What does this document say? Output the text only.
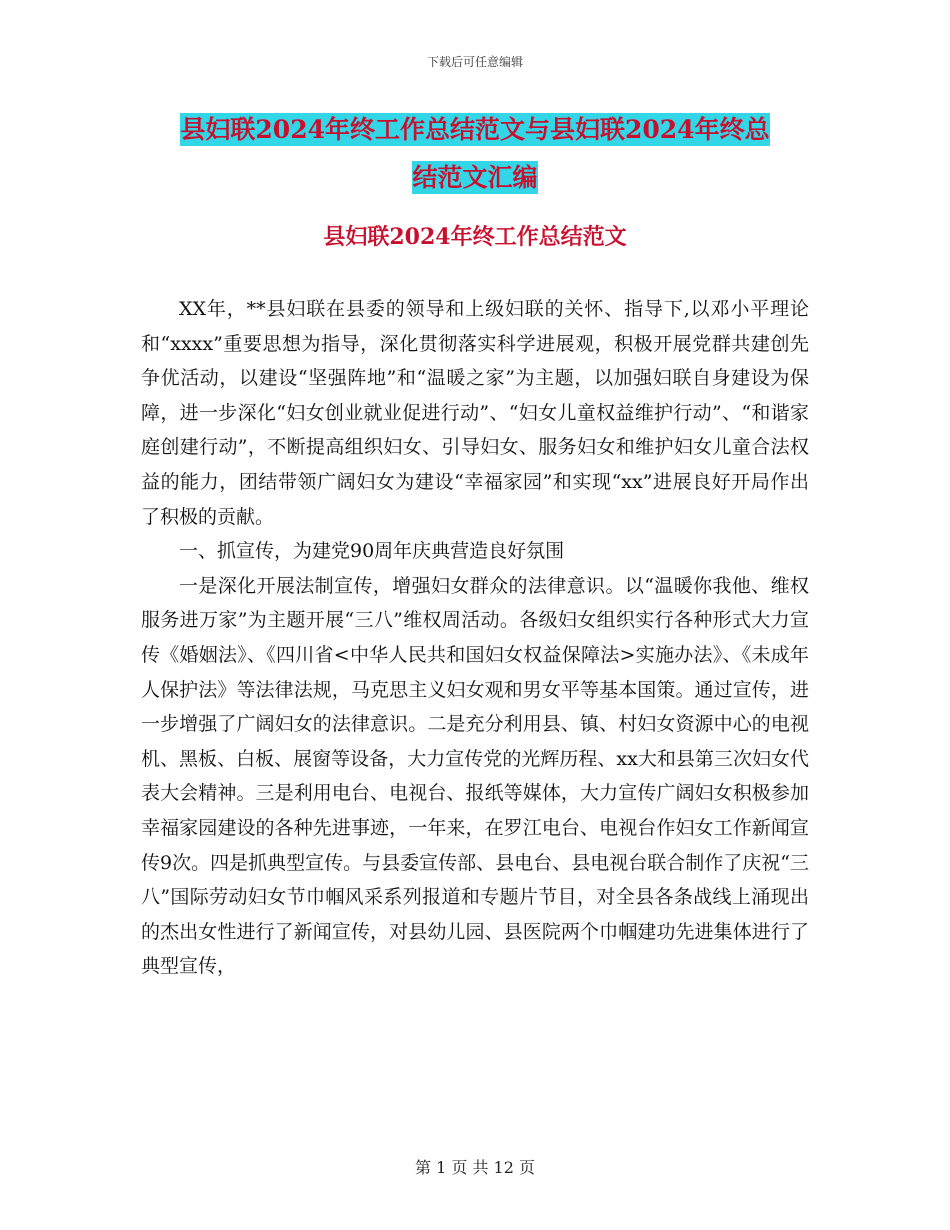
下载后可任意编辑
县妇联2024年终工作总结范文与县妇联2024年终总
结范文汇编
县妇联2024年终工作总结范文

XX年，**县妇联在县委的领导和上级妇联的关怀、指导下,以邓小平理论和“xxxx”重要思想为指导，深化贯彻落实科学进展观，积极开展党群共建创先争优活动，以建设“坚强阵地”和“温暖之家”为主题，以加强妇联自身建设为保障，进一步深化“妇女创业就业促进行动”、“妇女儿童权益维护行动”、“和谐家庭创建行动”，不断提高组织妇女、引导妇女、服务妇女和维护妇女儿童合法权益的能力，团结带领广阔妇女为建设“幸福家园”和实现“xx”进展良好开局作出了积极的贡献。

一、抓宣传，为建党90周年庆典营造良好氛围

一是深化开展法制宣传，增强妇女群众的法律意识。以“温暖你我他、维权服务进万家”为主题开展“三八”维权周活动。各级妇女组织实行各种形式大力宣传《婚姻法》、《四川省<中华人民共和国妇女权益保障法>实施办法》、《未成年人保护法》等法律法规，马克思主义妇女观和男女平等基本国策。通过宣传，进一步增强了广阔妇女的法律意识。二是充分利用县、镇、村妇女资源中心的电视机、黑板、白板、展窗等设备，大力宣传党的光辉历程、xx大和县第三次妇女代表大会精神。三是利用电台、电视台、报纸等媒体，大力宣传广阔妇女积极参加幸福家园建设的各种先进事迹，一年来，在罗江电台、电视台作妇女工作新闻宣传9次。四是抓典型宣传。与县委宣传部、县电台、县电视台联合制作了庆祝“三八”国际劳动妇女节巾帼风采系列报道和专题片节目，对全县各条战线上涌现出的杰出女性进行了新闻宣传，对县幼儿园、县医院两个巾帼建功先进集体进行了典型宣传，

第 1 页 共 12 页
